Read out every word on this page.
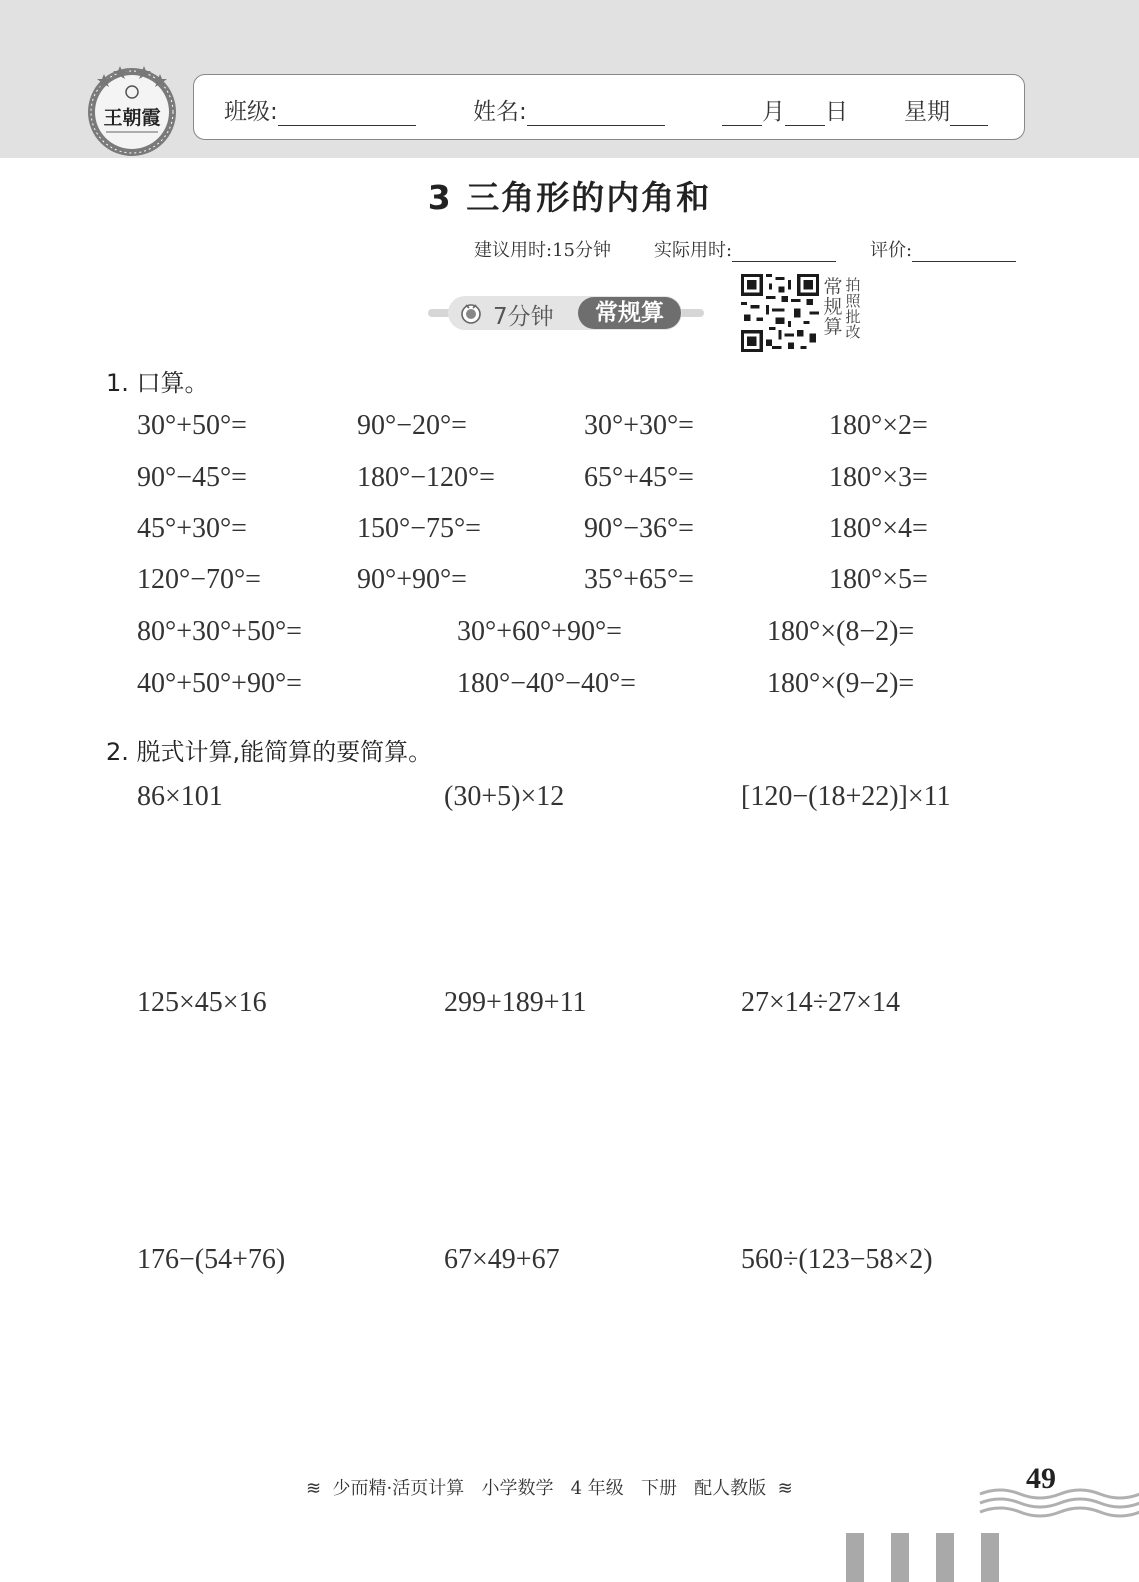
王朝霞	班级:	姓名:	月 日 星期
3 三角形的内角和
建议用时:15分钟 实际用时:	评价:
7分钟	常规算
常规算
拍照批改
1. 口算。
30°+50°=	90°−20°=	30°+30°=	180°×2=
90°−45°=	180°−120°=	65°+45°=	180°×3=
45°+30°=	150°−75°=	90°−36°=	180°×4=
120°−70°=	90°+90°=	35°+65°=	180°×5=
80°+30°+50°=	30°+60°+90°=	180°×(8−2)=
40°+50°+90°=	180°−40°−40°=	180°×(9−2)=
2. 脱式计算,能简算的要简算。
86×101	(30+5)×12	[120−(18+22)]×11
125×45×16	299+189+11	27×14÷27×14
176−(54+76)	67×49+67	560÷(123−58×2)
≋ 少而精·活页计算 小学数学 4 年级 下册 配人教版 ≋	49
